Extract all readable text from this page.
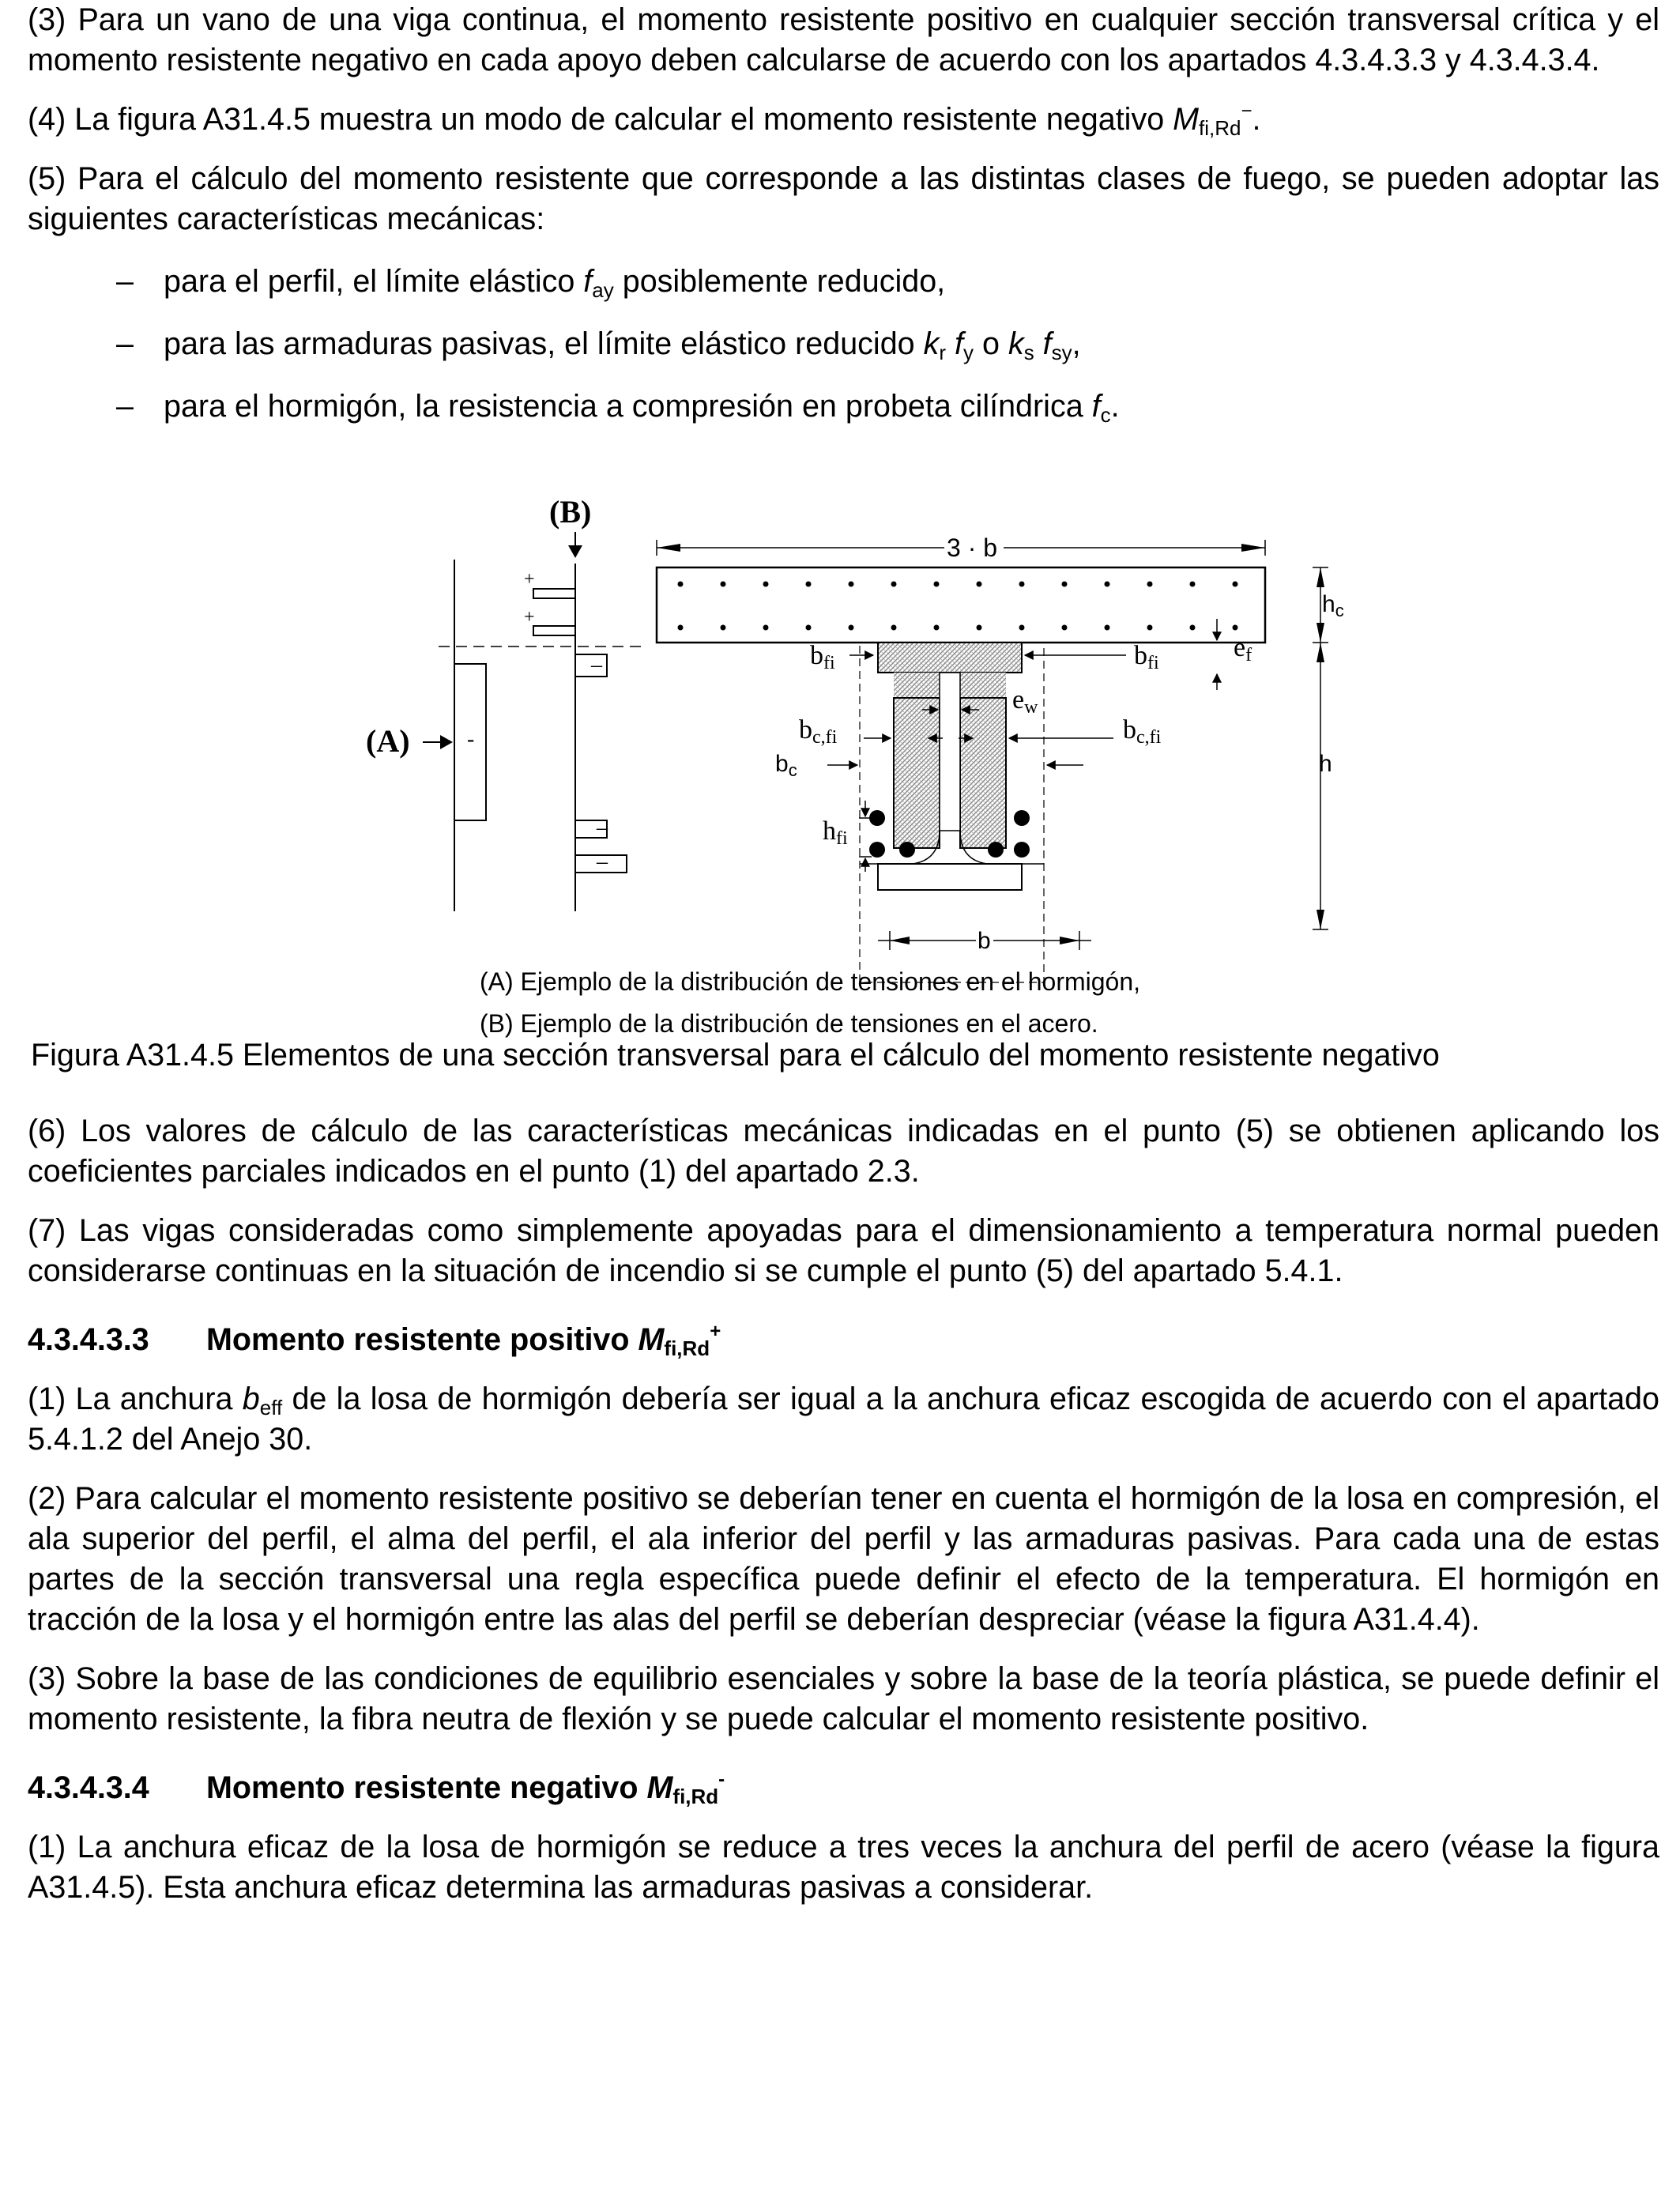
(3) Para un vano de una viga continua, el momento resistente positivo en cualquier sección transversal crítica y el momento resistente negativo en cada apoyo deben calcularse de acuerdo con los apartados 4.3.4.3.3 y 4.3.4.3.4.

(4) La figura A31.4.5 muestra un modo de calcular el momento resistente negativo $M_{fi,Rd}^-$.

(5) Para el cálculo del momento resistente que corresponde a las distintas clases de fuego, se pueden adoptar las siguientes características mecánicas:

– para el perfil, el límite elástico $f_{ay}$ posiblemente reducido,
– para las armaduras pasivas, el límite elástico reducido $k_r$ $f_y$ o $k_s$ $f_{sy}$,
– para el hormigón, la resistencia a compresión en probeta cilíndrica $f_c$.
+
+
–
-
–
–
(B)
(A)
3 · b
bfi	bfi
ef
ew
bc,fi	bc,fi
$b_c$
hfi
$h_c$
h
b
(A) Ejemplo de la distribución de tensiones en el hormigón,
(B) Ejemplo de la distribución de tensiones en el acero.
Figura A31.4.5 Elementos de una sección transversal para el cálculo del momento resistente negativo

(6) Los valores de cálculo de las características mecánicas indicadas en el punto (5) se obtienen aplicando los coeficientes parciales indicados en el punto (1) del apartado 2.3.

(7) Las vigas consideradas como simplemente apoyadas para el dimensionamiento a temperatura normal pueden considerarse continuas en la situación de incendio si se cumple el punto (5) del apartado 5.4.1.

4.3.4.3.3 Momento resistente positivo $M_{fi,Rd}^+$

(1) La anchura $b_{eff}$ de la losa de hormigón debería ser igual a la anchura eficaz escogida de acuerdo con el apartado 5.4.1.2 del Anejo 30.

(2) Para calcular el momento resistente positivo se deberían tener en cuenta el hormigón de la losa en compresión, el ala superior del perfil, el alma del perfil, el ala inferior del perfil y las armaduras pasivas. Para cada una de estas partes de la sección transversal una regla específica puede definir el efecto de la temperatura. El hormigón en tracción de la losa y el hormigón entre las alas del perfil se deberían despreciar (véase la figura A31.4.4).

(3) Sobre la base de las condiciones de equilibrio esenciales y sobre la base de la teoría plástica, se puede definir el momento resistente, la fibra neutra de flexión y se puede calcular el momento resistente positivo.

4.3.4.3.4 Momento resistente negativo $M_{fi,Rd}^-$

(1) La anchura eficaz de la losa de hormigón se reduce a tres veces la anchura del perfil de acero (véase la figura A31.4.5). Esta anchura eficaz determina las armaduras pasivas a considerar.
